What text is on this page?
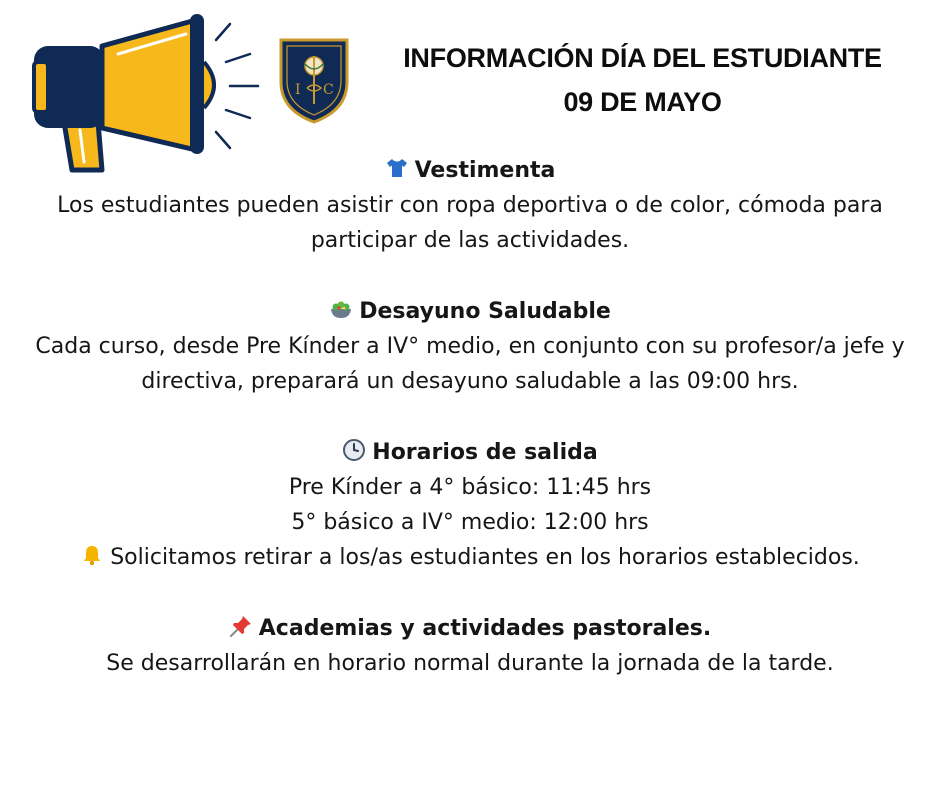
I C
INFORMACIÓN DÍA DEL ESTUDIANTE
09 DE MAYO
Vestimenta
Los estudiantes pueden asistir con ropa deportiva o de color, cómoda para participar de las actividades.
Desayuno Saludable
Cada curso, desde Pre Kínder a IV° medio, en conjunto con su profesor/a jefe y directiva, preparará un desayuno saludable a las 09:00 hrs.
Horarios de salida
Pre Kínder a 4° básico: 11:45 hrs
5° básico a IV° medio: 12:00 hrs
Solicitamos retirar a los/as estudiantes en los horarios establecidos.
Academias y actividades pastorales.
Se desarrollarán en horario normal durante la jornada de la tarde.
